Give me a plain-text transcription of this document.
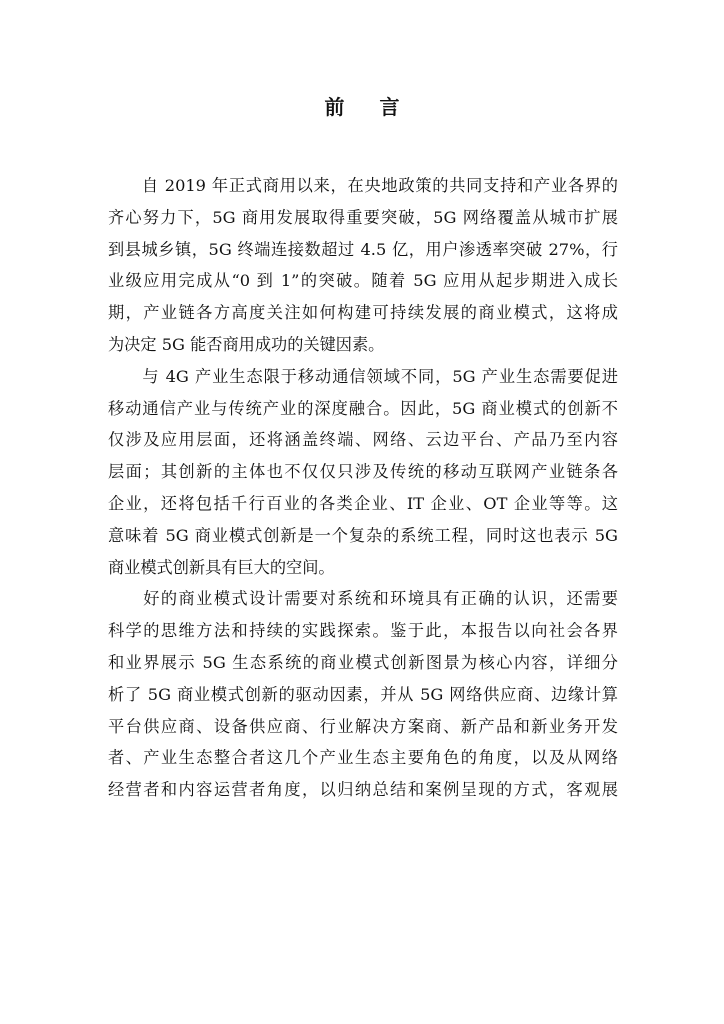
前 言

　　自 2019 年正式商用以来，在央地政策的共同支持和产业各界的
齐心努力下，5G 商用发展取得重要突破，5G 网络覆盖从城市扩展
到县城乡镇，5G 终端连接数超过 4.5 亿，用户渗透率突破 27%，行
业级应用完成从“0 到 1”的突破。随着 5G 应用从起步期进入成长
期，产业链各方高度关注如何构建可持续发展的商业模式，这将成
为决定 5G 能否商用成功的关键因素。

　　与 4G 产业生态限于移动通信领域不同，5G 产业生态需要促进
移动通信产业与传统产业的深度融合。因此，5G 商业模式的创新不
仅涉及应用层面，还将涵盖终端、网络、云边平台、产品乃至内容
层面；其创新的主体也不仅仅只涉及传统的移动互联网产业链条各
企业，还将包括千行百业的各类企业、IT 企业、OT 企业等等。这
意味着 5G 商业模式创新是一个复杂的系统工程，同时这也表示 5G
商业模式创新具有巨大的空间。

　　好的商业模式设计需要对系统和环境具有正确的认识，还需要
科学的思维方法和持续的实践探索。鉴于此，本报告以向社会各界
和业界展示 5G 生态系统的商业模式创新图景为核心内容，详细分
析了 5G 商业模式创新的驱动因素，并从 5G 网络供应商、边缘计算
平台供应商、设备供应商、行业解决方案商、新产品和新业务开发
者、产业生态整合者这几个产业生态主要角色的角度，以及从网络
经营者和内容运营者角度，以归纳总结和案例呈现的方式，客观展
